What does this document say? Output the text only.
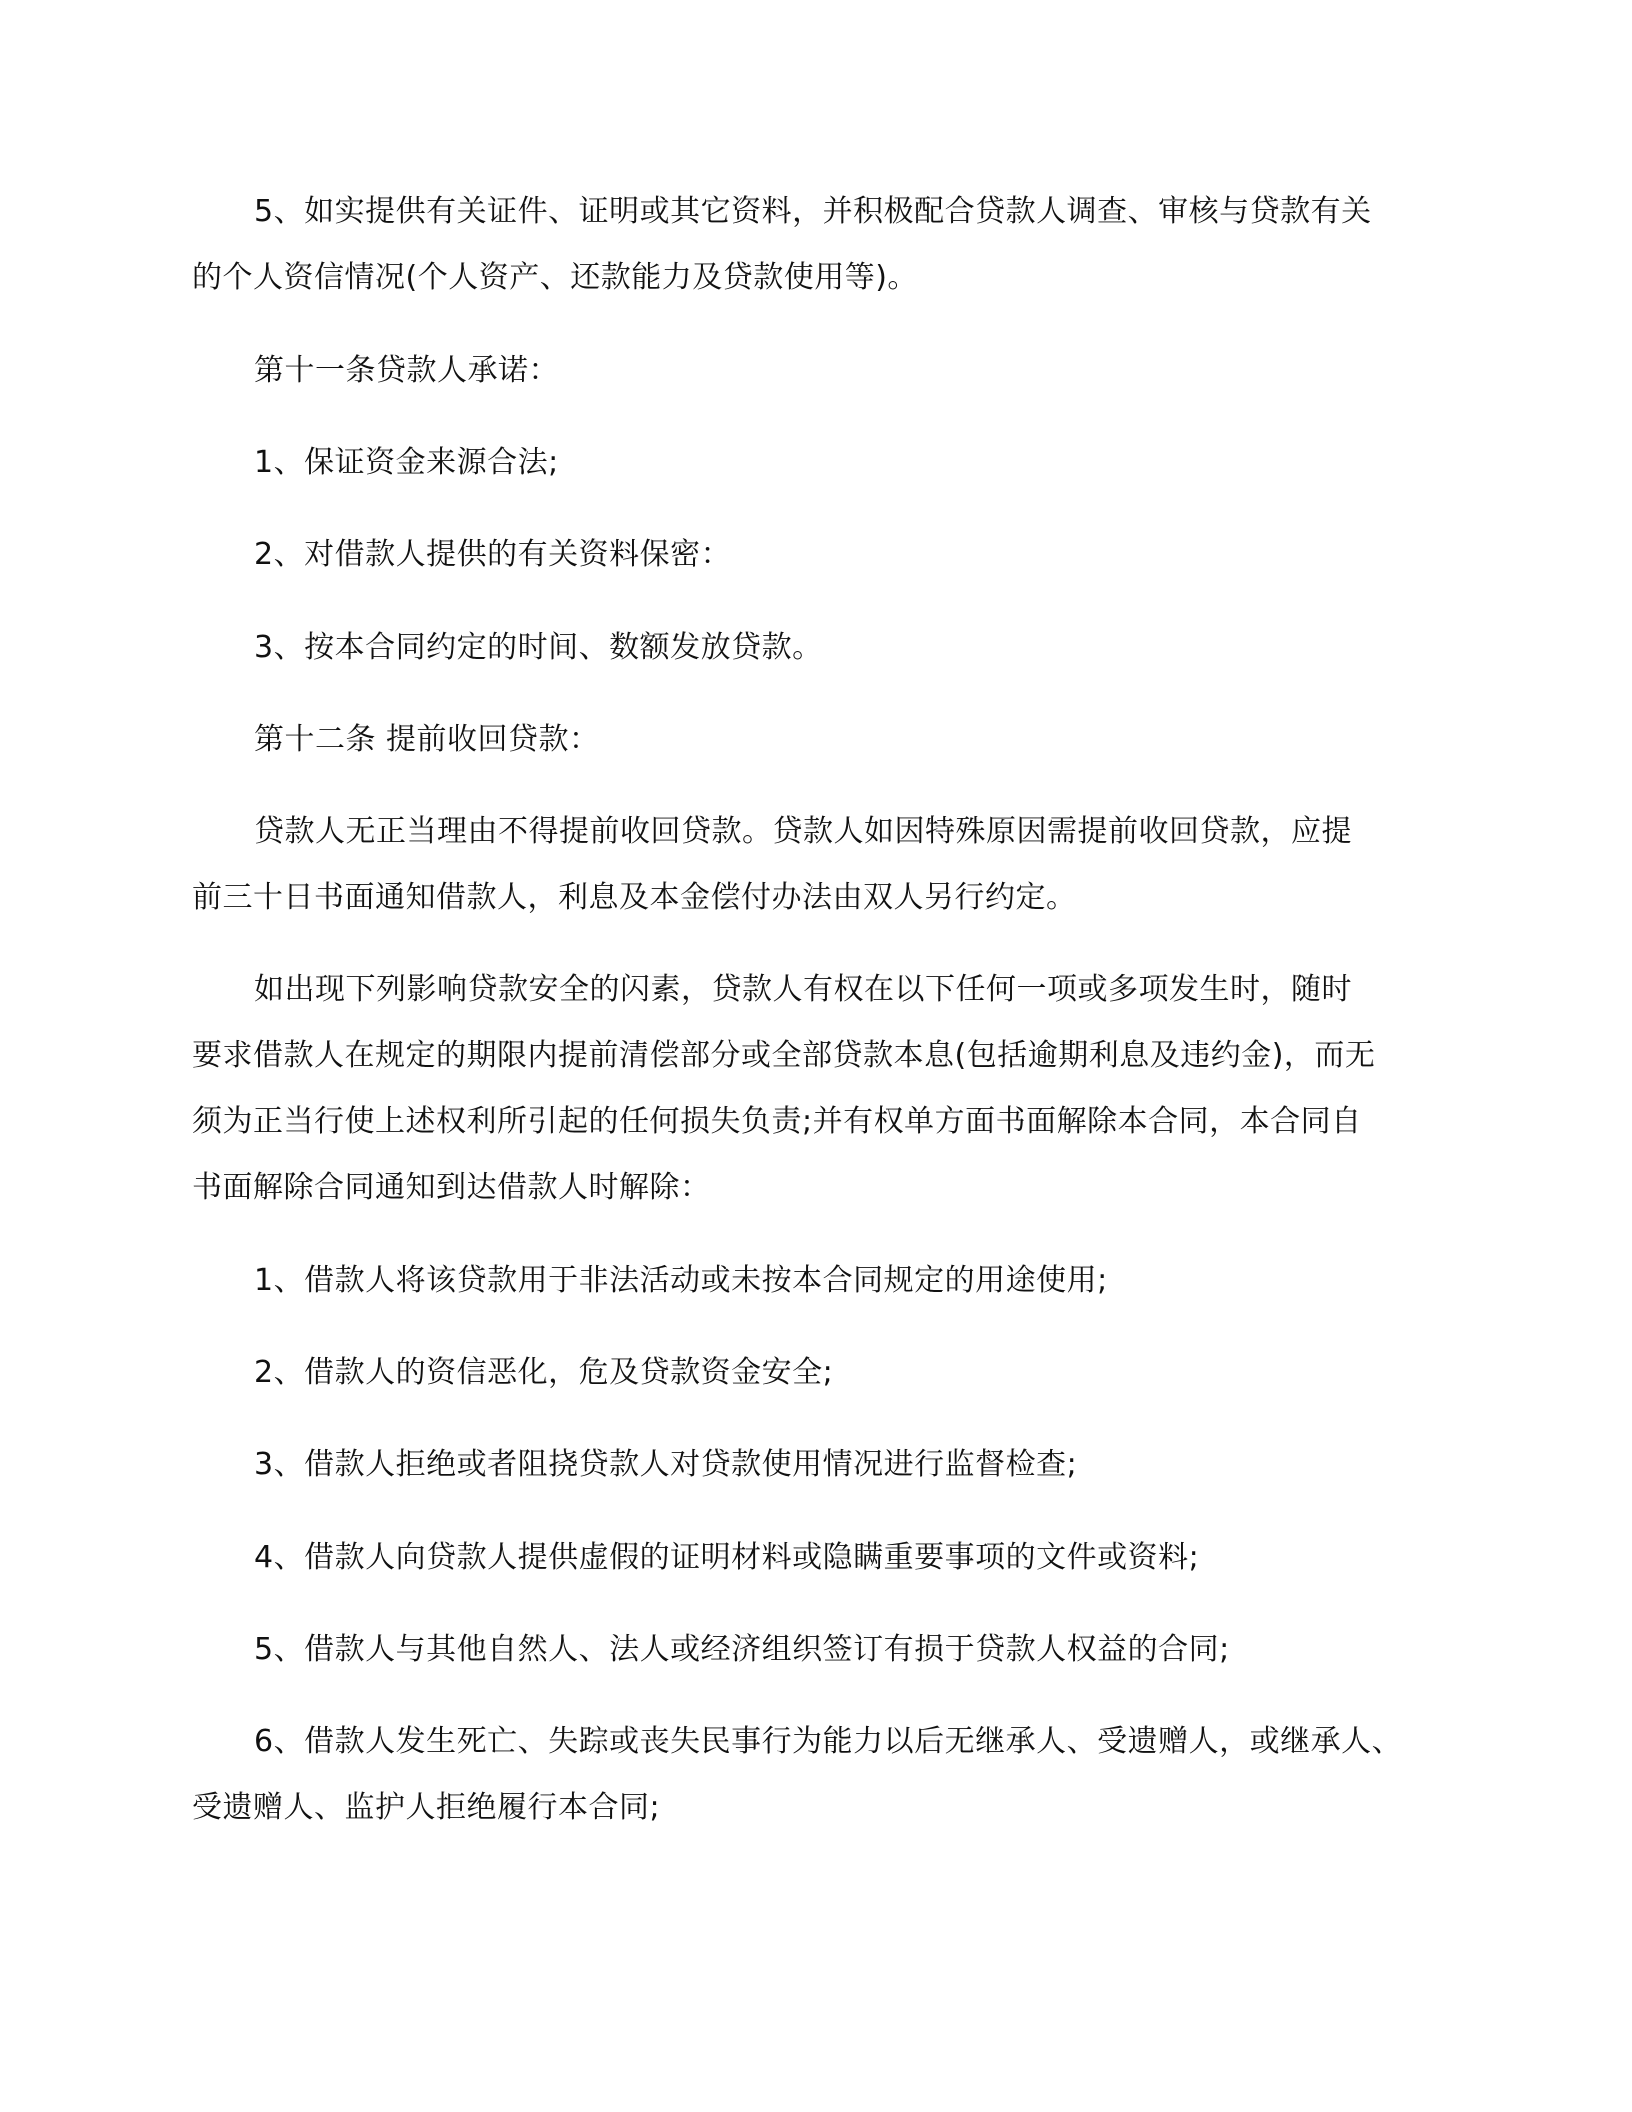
5、如实提供有关证件、证明或其它资料，并积极配合贷款人调查、审核与贷款有关

的个人资信情况(个人资产、还款能力及贷款使用等)。

第十一条贷款人承诺：

1、保证资金来源合法;

2、对借款人提供的有关资料保密：

3、按本合同约定的时间、数额发放贷款。

第十二条 提前收回贷款：

贷款人无正当理由不得提前收回贷款。贷款人如因特殊原因需提前收回贷款，应提

前三十日书面通知借款人，利息及本金偿付办法由双人另行约定。

如出现下列影响贷款安全的闪素，贷款人有权在以下任何一项或多项发生时，随时

要求借款人在规定的期限内提前清偿部分或全部贷款本息(包括逾期利息及违约金)，而无

须为正当行使上述权利所引起的任何损失负责;并有权单方面书面解除本合同，本合同自

书面解除合同通知到达借款人时解除：

1、借款人将该贷款用于非法活动或未按本合同规定的用途使用;

2、借款人的资信恶化，危及贷款资金安全;

3、借款人拒绝或者阻挠贷款人对贷款使用情况进行监督检查;

4、借款人向贷款人提供虚假的证明材料或隐瞒重要事项的文件或资料;

5、借款人与其他自然人、法人或经济组织签订有损于贷款人权益的合同;

6、借款人发生死亡、失踪或丧失民事行为能力以后无继承人、受遗赠人，或继承人、

受遗赠人、监护人拒绝履行本合同;
